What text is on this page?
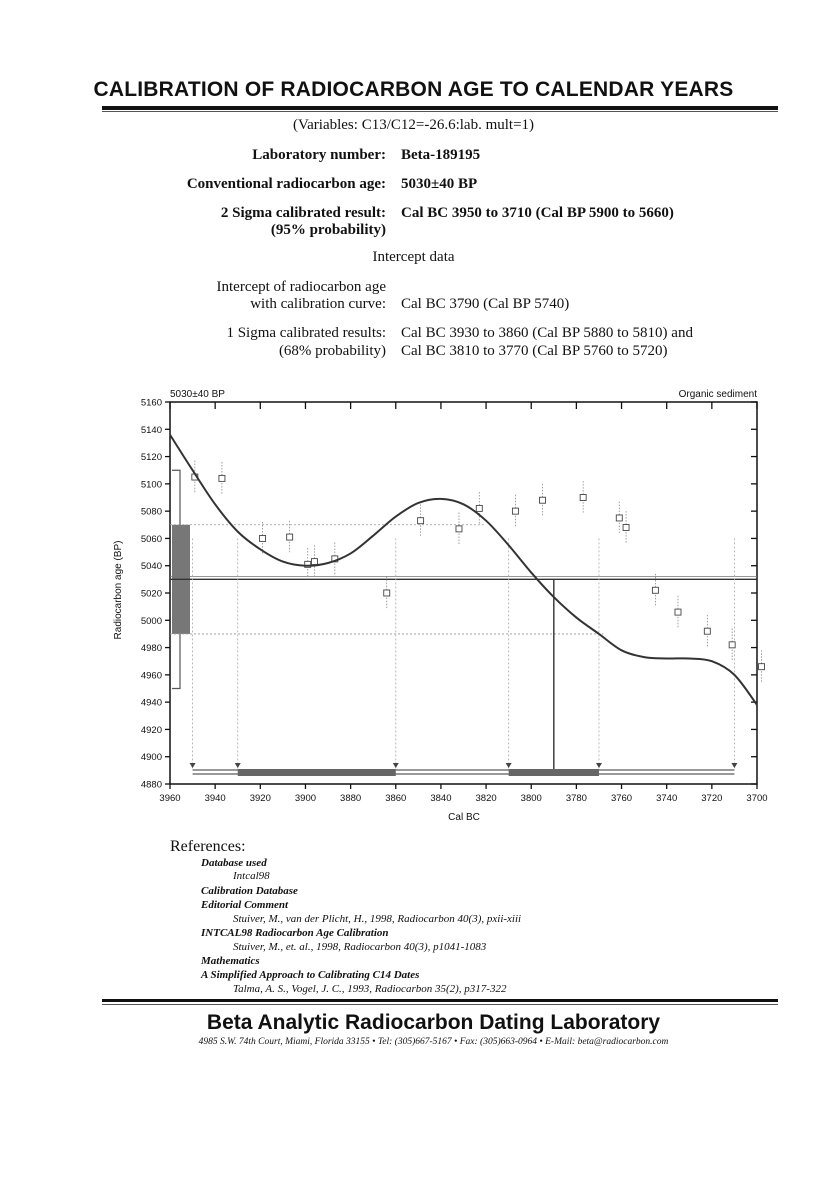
CALIBRATION OF RADIOCARBON AGE TO CALENDAR YEARS
(Variables: C13/C12=-26.6:lab. mult=1)
Laboratory number: Beta-189195
Conventional radiocarbon age: 5030±40 BP
2 Sigma calibrated result:
(95% probability)
Cal BC 3950 to 3710 (Cal BP 5900 to 5660)
Intercept data
Intercept of radiocarbon age
with calibration curve: Cal BC 3790 (Cal BP 5740)
1 Sigma calibrated results:
(68% probability)
Cal BC 3930 to 3860 (Cal BP 5880 to 5810) and
Cal BC 3810 to 3770 (Cal BP 5760 to 5720)
3960	3940	3920	3900	3880	3860	3840	3820	3800	3780	3760	3740	3720	3700
5160
5140
5120
5100
5080
5060
5040
5020
5000
4980
4960
4940
4920
4900
4880
5030±40 BP	Organic sediment
Cal BC
Radiocarbon age (BP)
References:
Database used
Intcal98
Calibration Database
Editorial Comment
Stuiver, M., van der Plicht, H., 1998, Radiocarbon 40(3), pxii-xiii
INTCAL98 Radiocarbon Age Calibration
Stuiver, M., et. al., 1998, Radiocarbon 40(3), p1041-1083
Mathematics
A Simplified Approach to Calibrating C14 Dates
Talma, A. S., Vogel, J. C., 1993, Radiocarbon 35(2), p317-322
Beta Analytic Radiocarbon Dating Laboratory
4985 S.W. 74th Court, Miami, Florida 33155 • Tel: (305)667-5167 • Fax: (305)663-0964 • E-Mail: beta@radiocarbon.com
